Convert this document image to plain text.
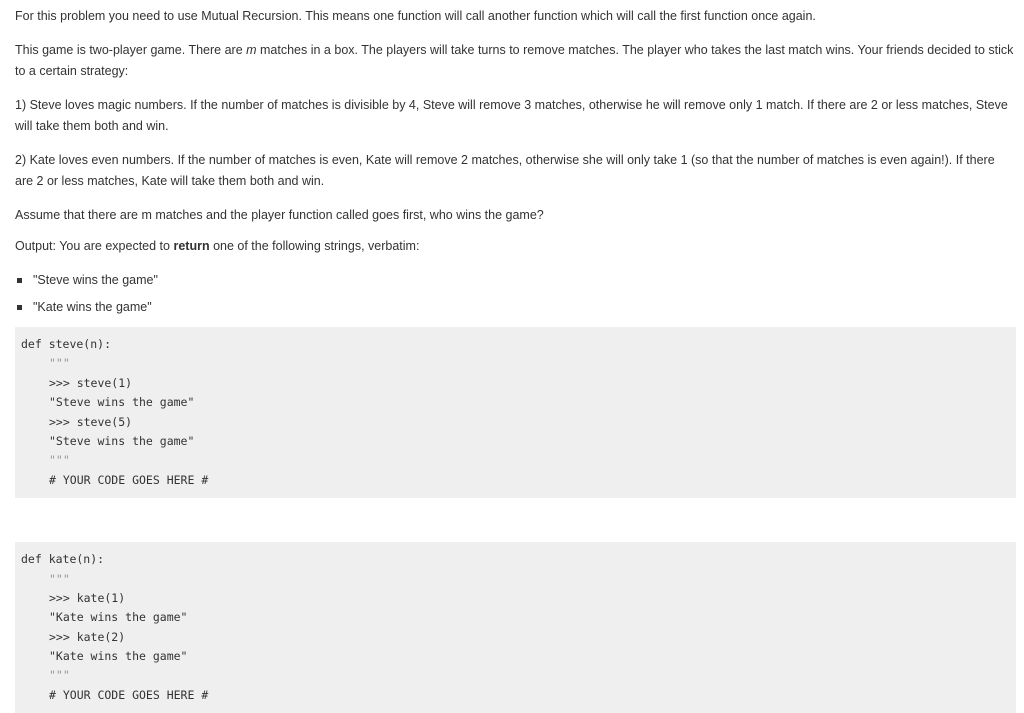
For this problem you need to use Mutual Recursion. This means one function will call another function which will call the first function once again.

This game is two-player game. There are m matches in a box. The players will take turns to remove matches. The player who takes the last match wins. Your friends decided to stick to a certain strategy:

1) Steve loves magic numbers. If the number of matches is divisible by 4, Steve will remove 3 matches, otherwise he will remove only 1 match. If there are 2 or less matches, Steve will take them both and win.

2) Kate loves even numbers. If the number of matches is even, Kate will remove 2 matches, otherwise she will only take 1 (so that the number of matches is even again!). If there are 2 or less matches, Kate will take them both and win.

Assume that there are m matches and the player function called goes first, who wins the game?

Output: You are expected to return one of the following strings, verbatim:

"Steve wins the game"
"Kate wins the game"
def steve(n):
"""
>>> steve(1)
"Steve wins the game"
>>> steve(5)
"Steve wins the game"
"""
# YOUR CODE GOES HERE #
def kate(n):
"""
>>> kate(1)
"Kate wins the game"
>>> kate(2)
"Kate wins the game"
"""
# YOUR CODE GOES HERE #
